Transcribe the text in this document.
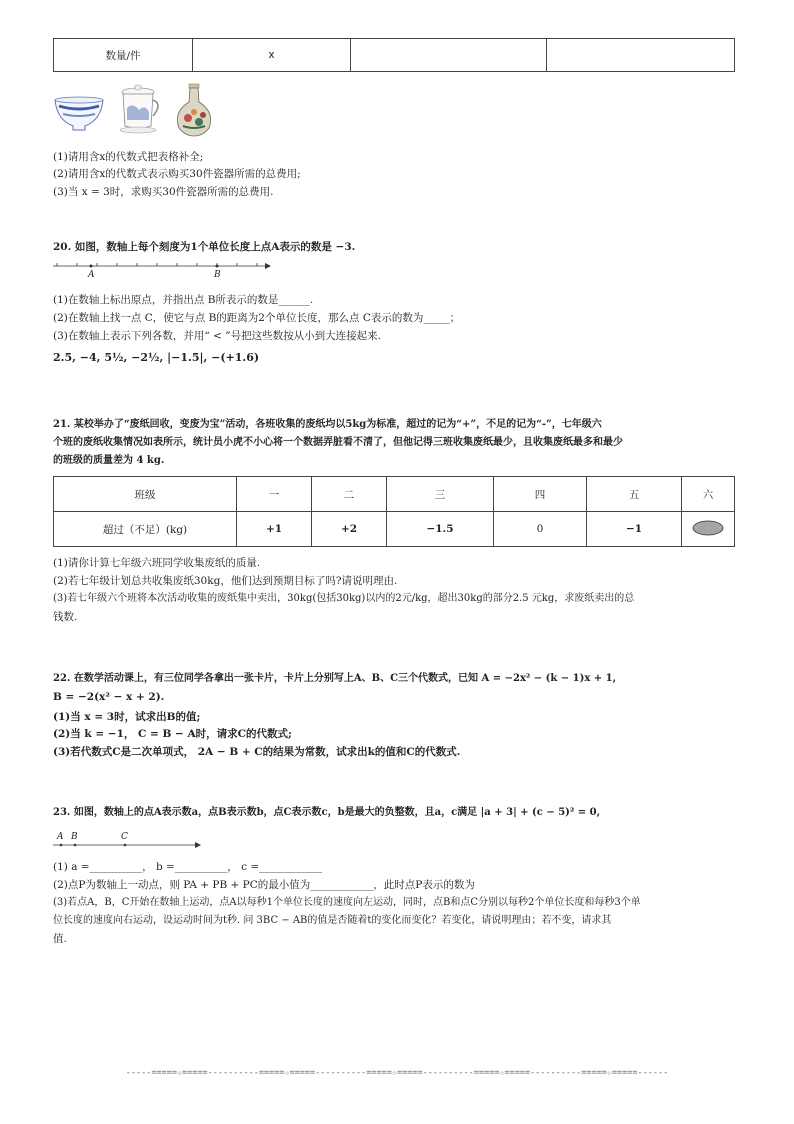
数量/件	x		
(1)请用含x的代数式把表格补全;
(2)请用含x的代数式表示购买30件瓷器所需的总费用;
(3)当 x = 3时，求购买30件瓷器所需的总费用.
20. 如图，数轴上每个刻度为1个单位长度上点A表示的数是 −3.
A	B
(1)在数轴上标出原点，并指出点 B所表示的数是______.
(2)在数轴上找一点 C，使它与点 B的距离为2个单位长度，那么点 C表示的数为_____；
(3)在数轴上表示下列各数，并用“ < ”号把这些数按从小到大连接起来.
2.5, −4, 5½, −2½, |−1.5|, −(+1.6)
21. 某校举办了“废纸回收，变废为宝”活动，各班收集的废纸均以5kg为标准，超过的记为“+”，不足的记为“-”，七年级六
个班的废纸收集情况如表所示，统计员小虎不小心将一个数据弄脏看不清了，但他记得三班收集废纸最少，且收集废纸最多和最少
的班级的质量差为 4 kg.
班级	一	二	三	四	五	六
超过（不足）(kg)	+1	+2	−1.5	0	−1	
(1)请你计算七年级六班同学收集废纸的质量.
(2)若七年级计划总共收集废纸30kg，他们达到预期目标了吗?请说明理由.
(3)若七年级六个班将本次活动收集的废纸集中卖出，30kg(包括30kg)以内的2元/kg，超出30kg的部分2.5 元kg，求废纸卖出的总
钱数.
22. 在数学活动课上，有三位同学各拿出一张卡片，卡片上分别写上A、B、C三个代数式，已知 A = −2x² − (k − 1)x + 1,
B = −2(x² − x + 2).
(1)当 x = 3时，试求出B的值;
(2)当 k = −1， C = B − A时，请求C的代数式;
(3)若代数式C是二次单项式， 2A − B + C的结果为常数，试求出k的值和C的代数式.
23. 如图，数轴上的点A表示数a，点B表示数b，点C表示数c，b是最大的负整数，且a，c满足 |a + 3| + (c − 5)² = 0,
A B	C
(1) a =__________， b =__________， c =____________
(2)点P为数轴上一动点，则 PA + PB + PC的最小值为____________，此时点P表示的数为
(3)若点A，B，C开始在数轴上运动，点A以每秒1个单位长度的速度向左运动，同时，点B和点C分别以每秒2个单位长度和每秒3个单
位长度的速度向右运动，设运动时间为t秒. 问 3BC − AB的值是否随着t的变化而变化？若变化，请说明理由；若不变，请求其
值.
-----=====☆=====----------=====☆=====----------=====☆=====----------=====☆=====----------=====☆=====------
